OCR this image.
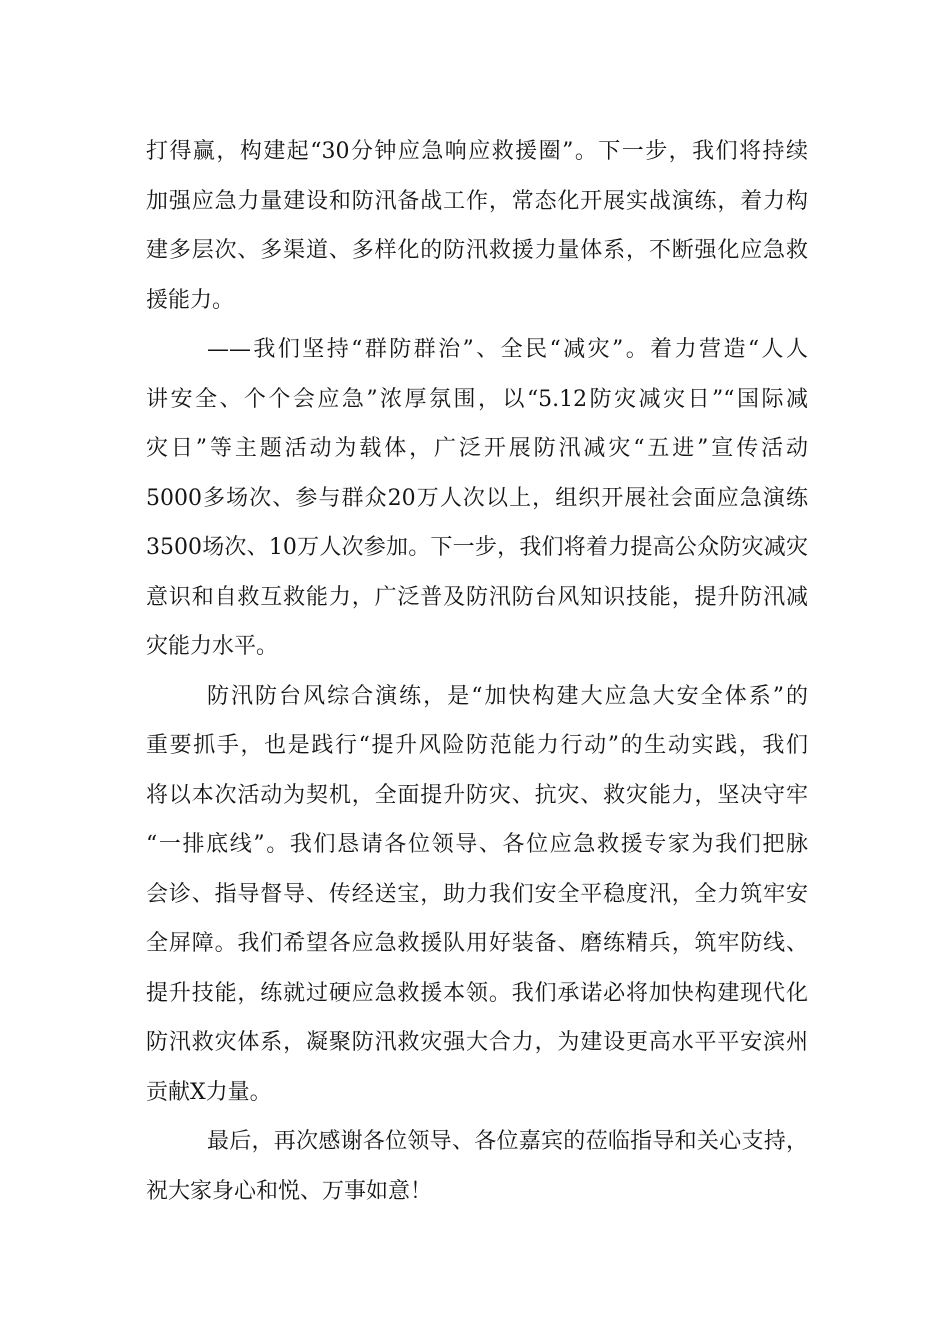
打得赢，构建起“30分钟应急响应救援圈”。下一步，我们将持续
加强应急力量建设和防汛备战工作，常态化开展实战演练，着力构
建多层次、多渠道、多样化的防汛救援力量体系，不断强化应急救
援能力。
——我们坚持“群防群治”、全民“减灾”。着力营造“人人
讲安全、个个会应急”浓厚氛围，以“5.12防灾减灾日”“国际减
灾日”等主题活动为载体，广泛开展防汛减灾“五进”宣传活动
5000多场次、参与群众20万人次以上，组织开展社会面应急演练
3500场次、10万人次参加。下一步，我们将着力提高公众防灾减灾
意识和自救互救能力，广泛普及防汛防台风知识技能，提升防汛减
灾能力水平。
防汛防台风综合演练，是“加快构建大应急大安全体系”的
重要抓手，也是践行“提升风险防范能力行动”的生动实践，我们
将以本次活动为契机，全面提升防灾、抗灾、救灾能力，坚决守牢
“一排底线”。我们恳请各位领导、各位应急救援专家为我们把脉
会诊、指导督导、传经送宝，助力我们安全平稳度汛，全力筑牢安
全屏障。我们希望各应急救援队用好装备、磨练精兵，筑牢防线、
提升技能，练就过硬应急救援本领。我们承诺必将加快构建现代化
防汛救灾体系，凝聚防汛救灾强大合力，为建设更高水平平安滨州
贡献X力量。
最后，再次感谢各位领导、各位嘉宾的莅临指导和关心支持，
祝大家身心和悦、万事如意！
